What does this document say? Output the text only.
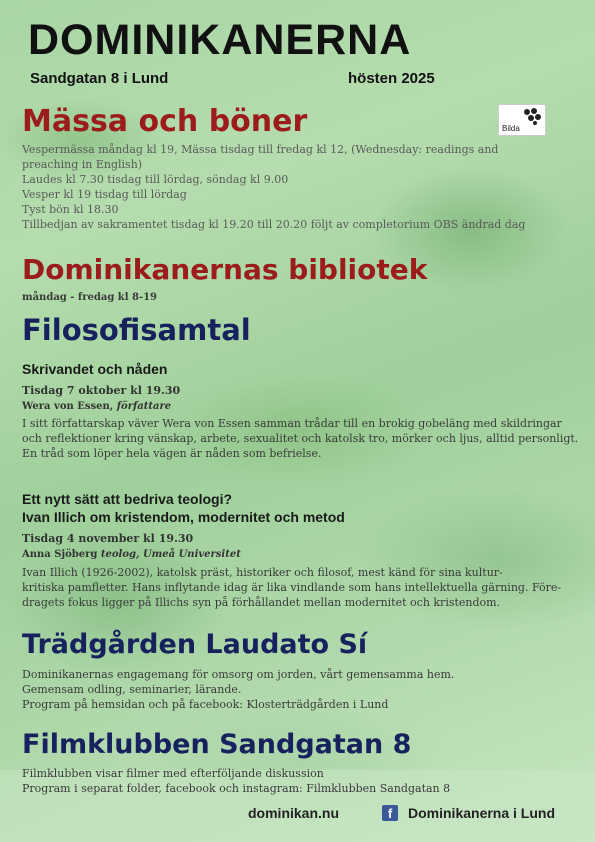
DOMINIKANERNA
Sandgatan 8 i Lund	hösten 2025
Bilda
Mässa och böner
Vespermässa måndag kl 19, Mässa tisdag till fredag kl 12, (Wednesday: readings and
preaching in English)
Laudes kl 7.30 tisdag till lördag, söndag kl 9.00
Vesper kl 19 tisdag till lördag
Tyst bön kl 18.30
Tillbedjan av sakramentet tisdag kl 19.20 till 20.20 följt av completorium OBS ändrad dag
Dominikanernas bibliotek
måndag - fredag kl 8-19
Filosofisamtal
Skrivandet och nåden
Tisdag 7 oktober kl 19.30
Wera von Essen, författare
I sitt författarskap väver Wera von Essen samman trådar till en brokig gobeläng med skildringar
och reflektioner kring vänskap, arbete, sexualitet och katolsk tro, mörker och ljus, alltid personligt.
En tråd som löper hela vägen är nåden som befrielse.
Ett nytt sätt att bedriva teologi?
Ivan Illich om kristendom, modernitet och metod
Tisdag 4 november kl 19.30
Anna Sjöberg teolog, Umeå Universitet
Ivan Illich (1926-2002), katolsk präst, historiker och filosof, mest känd för sina kultur-
kritiska pamfletter. Hans inflytande idag är lika vindlande som hans intellektuella gärning. Före-
dragets fokus ligger på Illichs syn på förhållandet mellan modernitet och kristendom.
Trädgården Laudato Sí
Dominikanernas engagemang för omsorg om jorden, vårt gemensamma hem.
Gemensam odling, seminarier, lärande.
Program på hemsidan och på facebook: Klosterträdgården i Lund
Filmklubben Sandgatan 8
Filmklubben visar filmer med efterföljande diskussion
Program i separat folder, facebook och instagram: Filmklubben Sandgatan 8
dominikan.nu	f	Dominikanerna i Lund
